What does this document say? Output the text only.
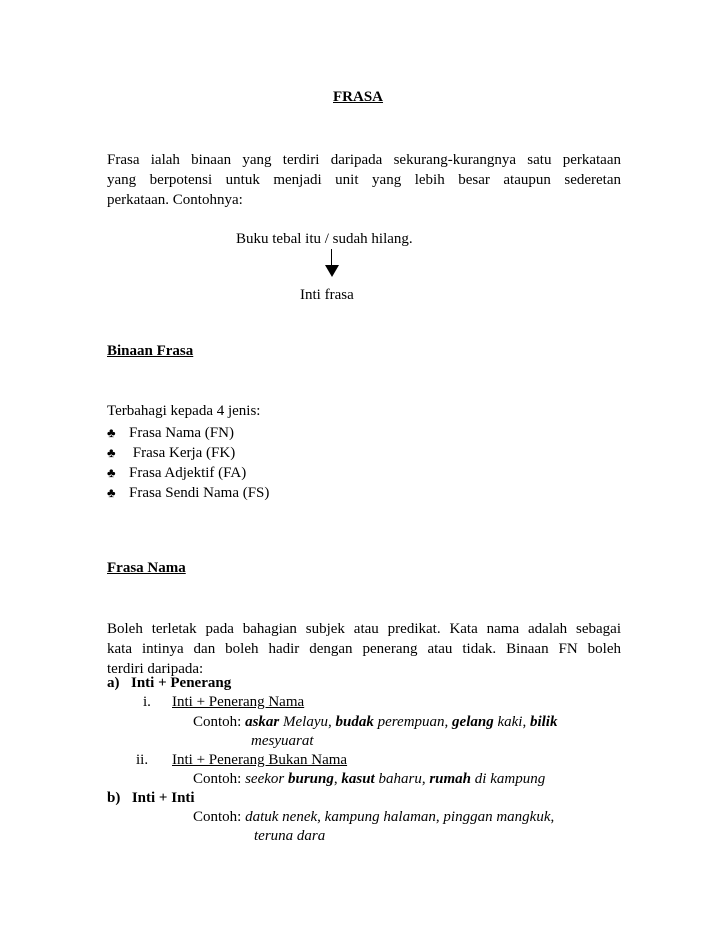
FRASA
Frasa ialah binaan yang terdiri daripada sekurang-kurangnya satu perkataan
yang berpotensi untuk menjadi unit yang lebih besar ataupun sederetan
perkataan. Contohnya:
Buku tebal itu / sudah hilang.
Inti frasa
Binaan Frasa
Terbahagi kepada 4 jenis:
♣ Frasa Nama (FN)
♣ Frasa Kerja (FK)
♣ Frasa Adjektif (FA)
♣ Frasa Sendi Nama (FS)
Frasa Nama
Boleh terletak pada bahagian subjek atau predikat. Kata nama adalah sebagai
kata intinya dan boleh hadir dengan penerang atau tidak. Binaan FN boleh
terdiri daripada:
a) Inti + Penerang
i. Inti + Penerang Nama
Contoh: askar Melayu, budak perempuan, gelang kaki, bilik
mesyuarat
ii. Inti + Penerang Bukan Nama
Contoh: seekor burung, kasut baharu, rumah di kampung
b) Inti + Inti
Contoh: datuk nenek, kampung halaman, pinggan mangkuk,
teruna dara
